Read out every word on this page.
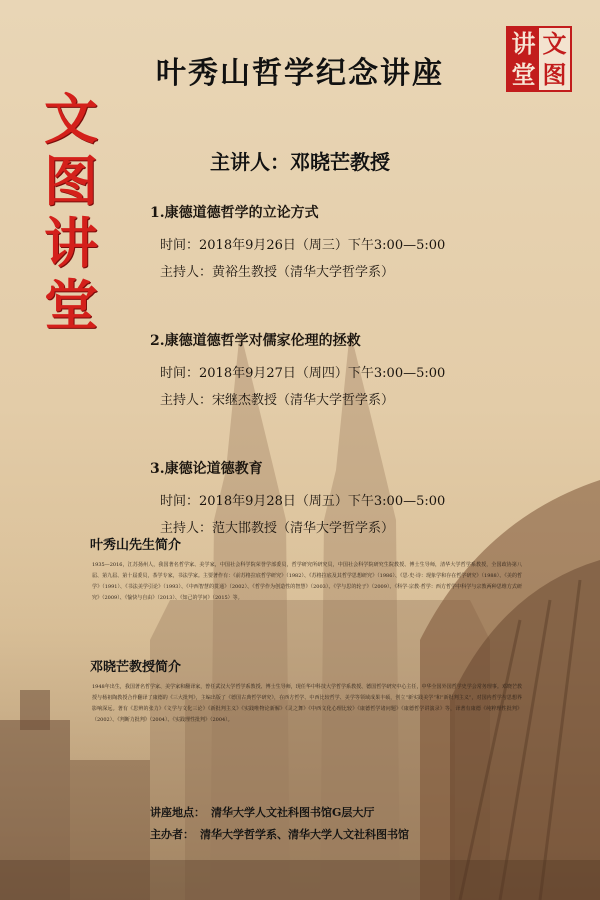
叶秀山哲学纪念讲座
讲 文
堂 图
文
图
讲
堂
主讲人：邓晓芒教授
1.康德道德哲学的立论方式
时间：2018年9月26日（周三）下午3:00—5:00
主持人：黄裕生教授（清华大学哲学系）
2.康德道德哲学对儒家伦理的拯救
时间：2018年9月27日（周四）下午3:00—5:00
主持人：宋继杰教授（清华大学哲学系）
3.康德论道德教育
时间：2018年9月28日（周五）下午3:00—5:00
主持人：范大邯教授（清华大学哲学系）
叶秀山先生简介
1935—2016，江苏扬州人，我国著名哲学家、美学家，中国社会科学院荣誉学部委员，哲学研究所研究员，中国社会科学院研究生院教授、博士生导师，清华大学哲学系教授，全国政协第八届、第九届、第十届委员，茶学专家，书法学家。主要著作有：《前苏格拉底哲学研究》（1982）、《苏格拉底及其哲学思想研究》（1986）、《思·史·诗：现象学和存在哲学研究》（1988）、《美的哲学》（1991）、《书法美学引论》（1993）、《中西智慧的贯通》（2002）、《哲学作为创造性的智慧》（2003）、《学与思的轮子》（2009）、《科学·宗教·哲学：西方哲学中科学与宗教两种思维方式研究》（2009）、《愉快与自由》（2013）、《知己的学问》（2015）等。
邓晓芒教授简介
1948年出生，我国著名哲学家、美学家和翻译家，曾任武汉大学哲学系教授、博士生导师，现任华中科技大学哲学系教授、德国哲学研究中心主任，中华全国外国哲学史学会常务理事。邓晓芒教授与杨祖陶教授合作翻译了康德的《三大批判》，主编出版了《德国古典哲学研究》，在西方哲学、中西比较哲学、美学等领域成果丰硕，创立“新实践美学”和“新批判主义”，对国内哲学与思想界影响深远。著有《思辨的张力》《文学与文化三论》《新批判主义》《实践唯物论新解》《灵之舞》《中西文化心理比较》《康德哲学诸问题》《康德哲学讲演录》等，译著有康德《纯粹理性批判》（2002）、《判断力批判》（2004）、《实践理性批判》（2004）。
讲座地点： 清华大学人文社科图书馆G层大厅
主办者： 清华大学哲学系、清华大学人文社科图书馆
